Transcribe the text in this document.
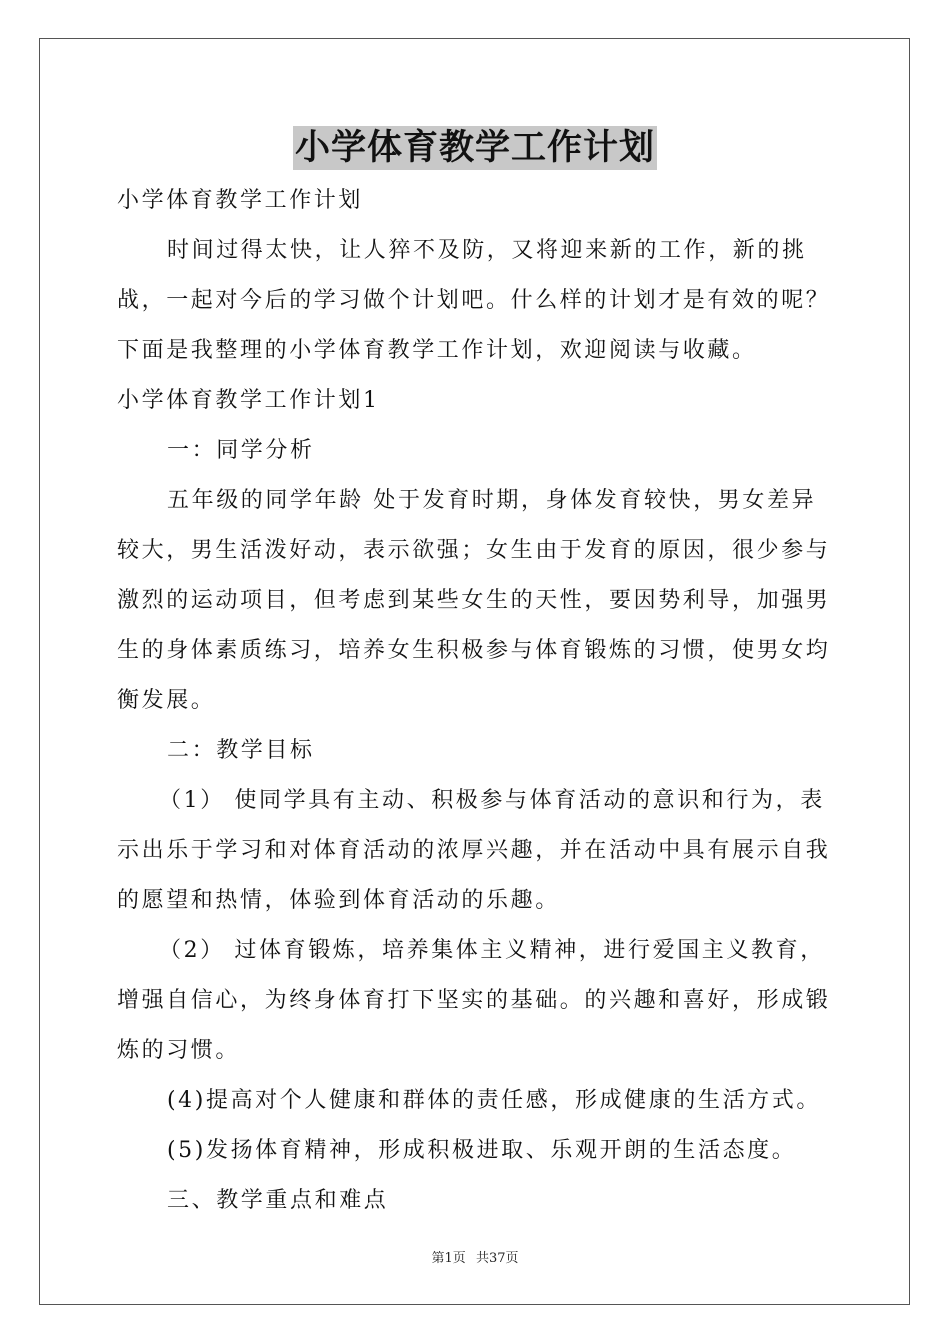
小学体育教学工作计划

小学体育教学工作计划

时间过得太快，让人猝不及防，又将迎来新的工作，新的挑战，一起对今后的学习做个计划吧。什么样的计划才是有效的呢？下面是我整理的小学体育教学工作计划，欢迎阅读与收藏。

小学体育教学工作计划1

一：同学分析

五年级的同学年龄 处于发育时期，身体发育较快，男女差异较大，男生活泼好动，表示欲强；女生由于发育的原因，很少参与激烈的运动项目，但考虑到某些女生的天性，要因势利导，加强男生的身体素质练习，培养女生积极参与体育锻炼的习惯，使男女均衡发展。

二：教学目标

（1） 使同学具有主动、积极参与体育活动的意识和行为，表示出乐于学习和对体育活动的浓厚兴趣，并在活动中具有展示自我的愿望和热情，体验到体育活动的乐趣。

（2） 过体育锻炼，培养集体主义精神，进行爱国主义教育，增强自信心，为终身体育打下坚实的基础。的兴趣和喜好，形成锻炼的习惯。

(4)提高对个人健康和群体的责任感，形成健康的生活方式。

(5)发扬体育精神，形成积极进取、乐观开朗的生活态度。

三、教学重点和难点

第1页 共37页
